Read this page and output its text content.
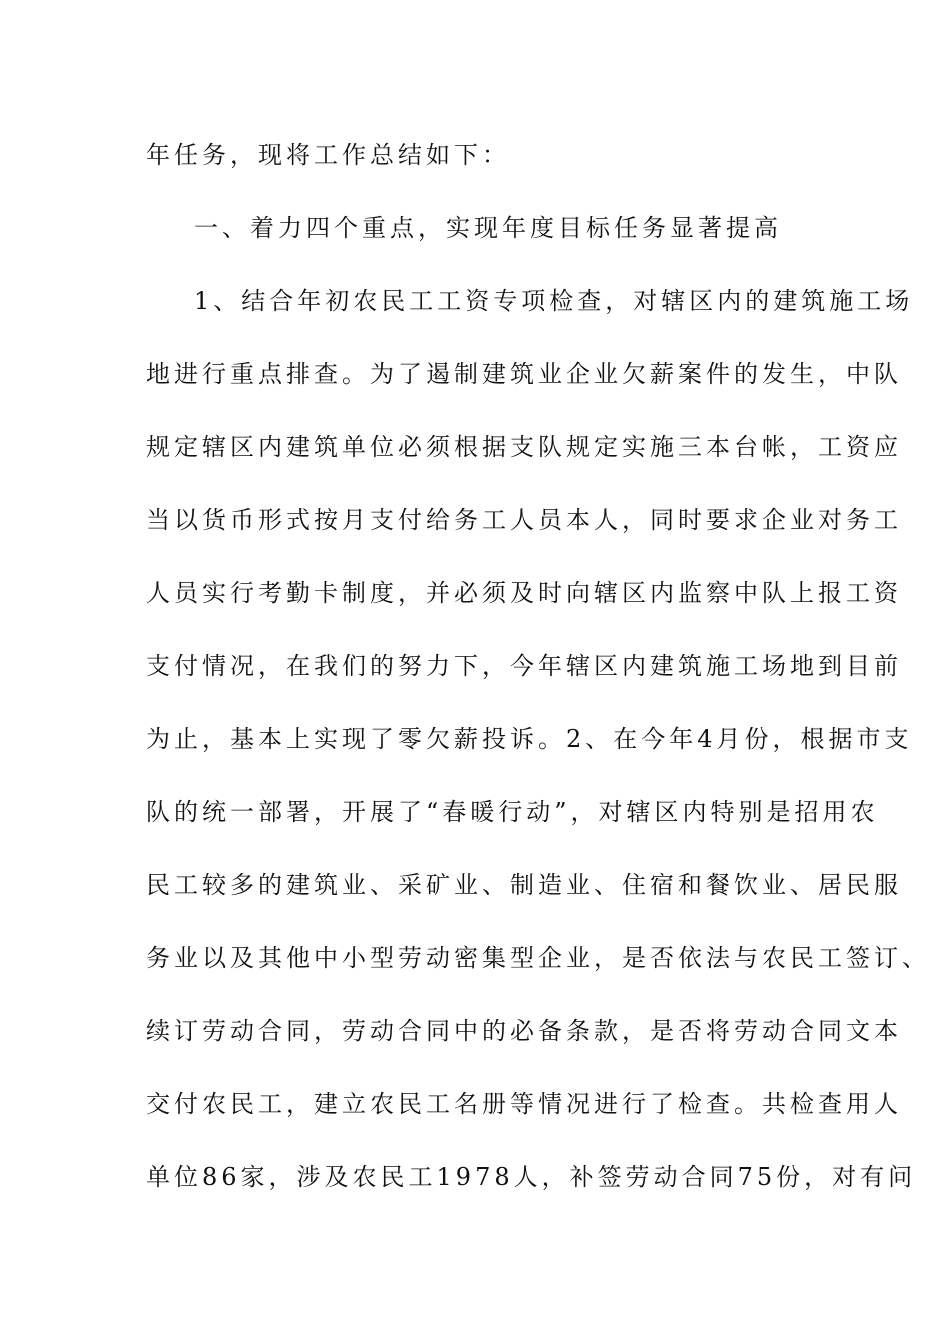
年任务，现将工作总结如下：
一、着力四个重点，实现年度目标任务显著提高
1、结合年初农民工工资专项检查，对辖区内的建筑施工场
地进行重点排查。为了遏制建筑业企业欠薪案件的发生，中队
规定辖区内建筑单位必须根据支队规定实施三本台帐，工资应
当以货币形式按月支付给务工人员本人，同时要求企业对务工
人员实行考勤卡制度，并必须及时向辖区内监察中队上报工资
支付情况，在我们的努力下，今年辖区内建筑施工场地到目前
为止，基本上实现了零欠薪投诉。2、在今年4月份，根据市支
队的统一部署，开展了“春暖行动”，对辖区内特别是招用农
民工较多的建筑业、采矿业、制造业、住宿和餐饮业、居民服
务业以及其他中小型劳动密集型企业，是否依法与农民工签订、
续订劳动合同，劳动合同中的必备条款，是否将劳动合同文本
交付农民工，建立农民工名册等情况进行了检查。共检查用人
单位86家，涉及农民工1978人，补签劳动合同75份，对有问
